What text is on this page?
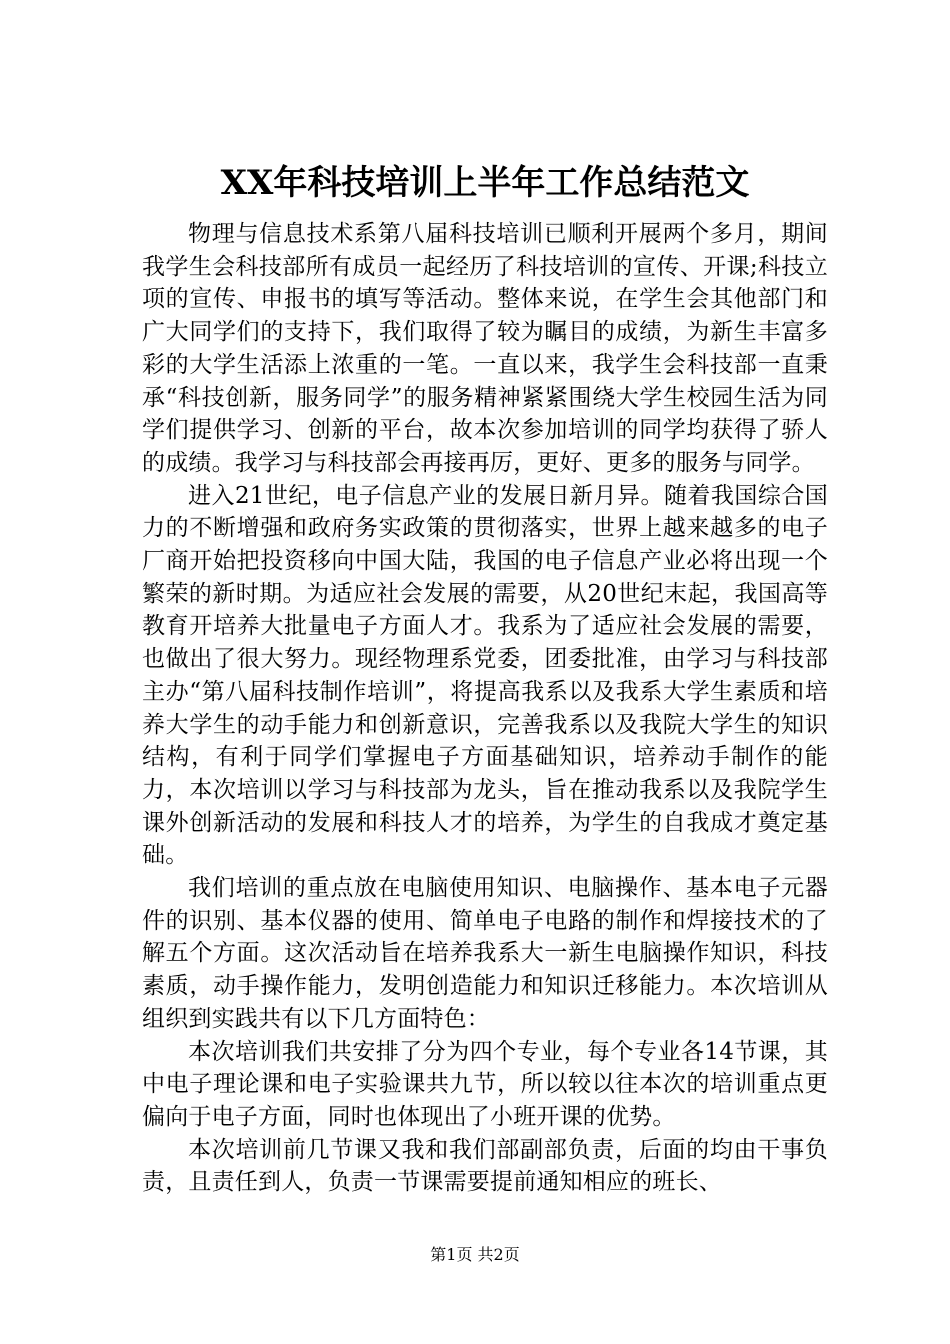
XX年科技培训上半年工作总结范文

物理与信息技术系第八届科技培训已顺利开展两个多月，期间我学生会科技部所有成员一起经历了科技培训的宣传、开课;科技立项的宣传、申报书的填写等活动。整体来说，在学生会其他部门和广大同学们的支持下，我们取得了较为瞩目的成绩，为新生丰富多彩的大学生活添上浓重的一笔。一直以来，我学生会科技部一直秉承“科技创新，服务同学”的服务精神紧紧围绕大学生校园生活为同学们提供学习、创新的平台，故本次参加培训的同学均获得了骄人的成绩。我学习与科技部会再接再厉，更好、更多的服务与同学。

进入21世纪，电子信息产业的发展日新月异。随着我国综合国力的不断增强和政府务实政策的贯彻落实，世界上越来越多的电子厂商开始把投资移向中国大陆，我国的电子信息产业必将出现一个繁荣的新时期。为适应社会发展的需要，从20世纪末起，我国高等教育开培养大批量电子方面人才。我系为了适应社会发展的需要，也做出了很大努力。现经物理系党委，团委批准，由学习与科技部主办“第八届科技制作培训”，将提高我系以及我系大学生素质和培养大学生的动手能力和创新意识，完善我系以及我院大学生的知识结构，有利于同学们掌握电子方面基础知识，培养动手制作的能力，本次培训以学习与科技部为龙头，旨在推动我系以及我院学生课外创新活动的发展和科技人才的培养，为学生的自我成才奠定基础。

我们培训的重点放在电脑使用知识、电脑操作、基本电子元器件的识别、基本仪器的使用、简单电子电路的制作和焊接技术的了解五个方面。这次活动旨在培养我系大一新生电脑操作知识，科技素质，动手操作能力，发明创造能力和知识迁移能力。本次培训从组织到实践共有以下几方面特色：

本次培训我们共安排了分为四个专业，每个专业各14节课，其中电子理论课和电子实验课共九节，所以较以往本次的培训重点更偏向于电子方面，同时也体现出了小班开课的优势。

本次培训前几节课又我和我们部副部负责，后面的均由干事负责，且责任到人，负责一节课需要提前通知相应的班长、

第1页 共2页
